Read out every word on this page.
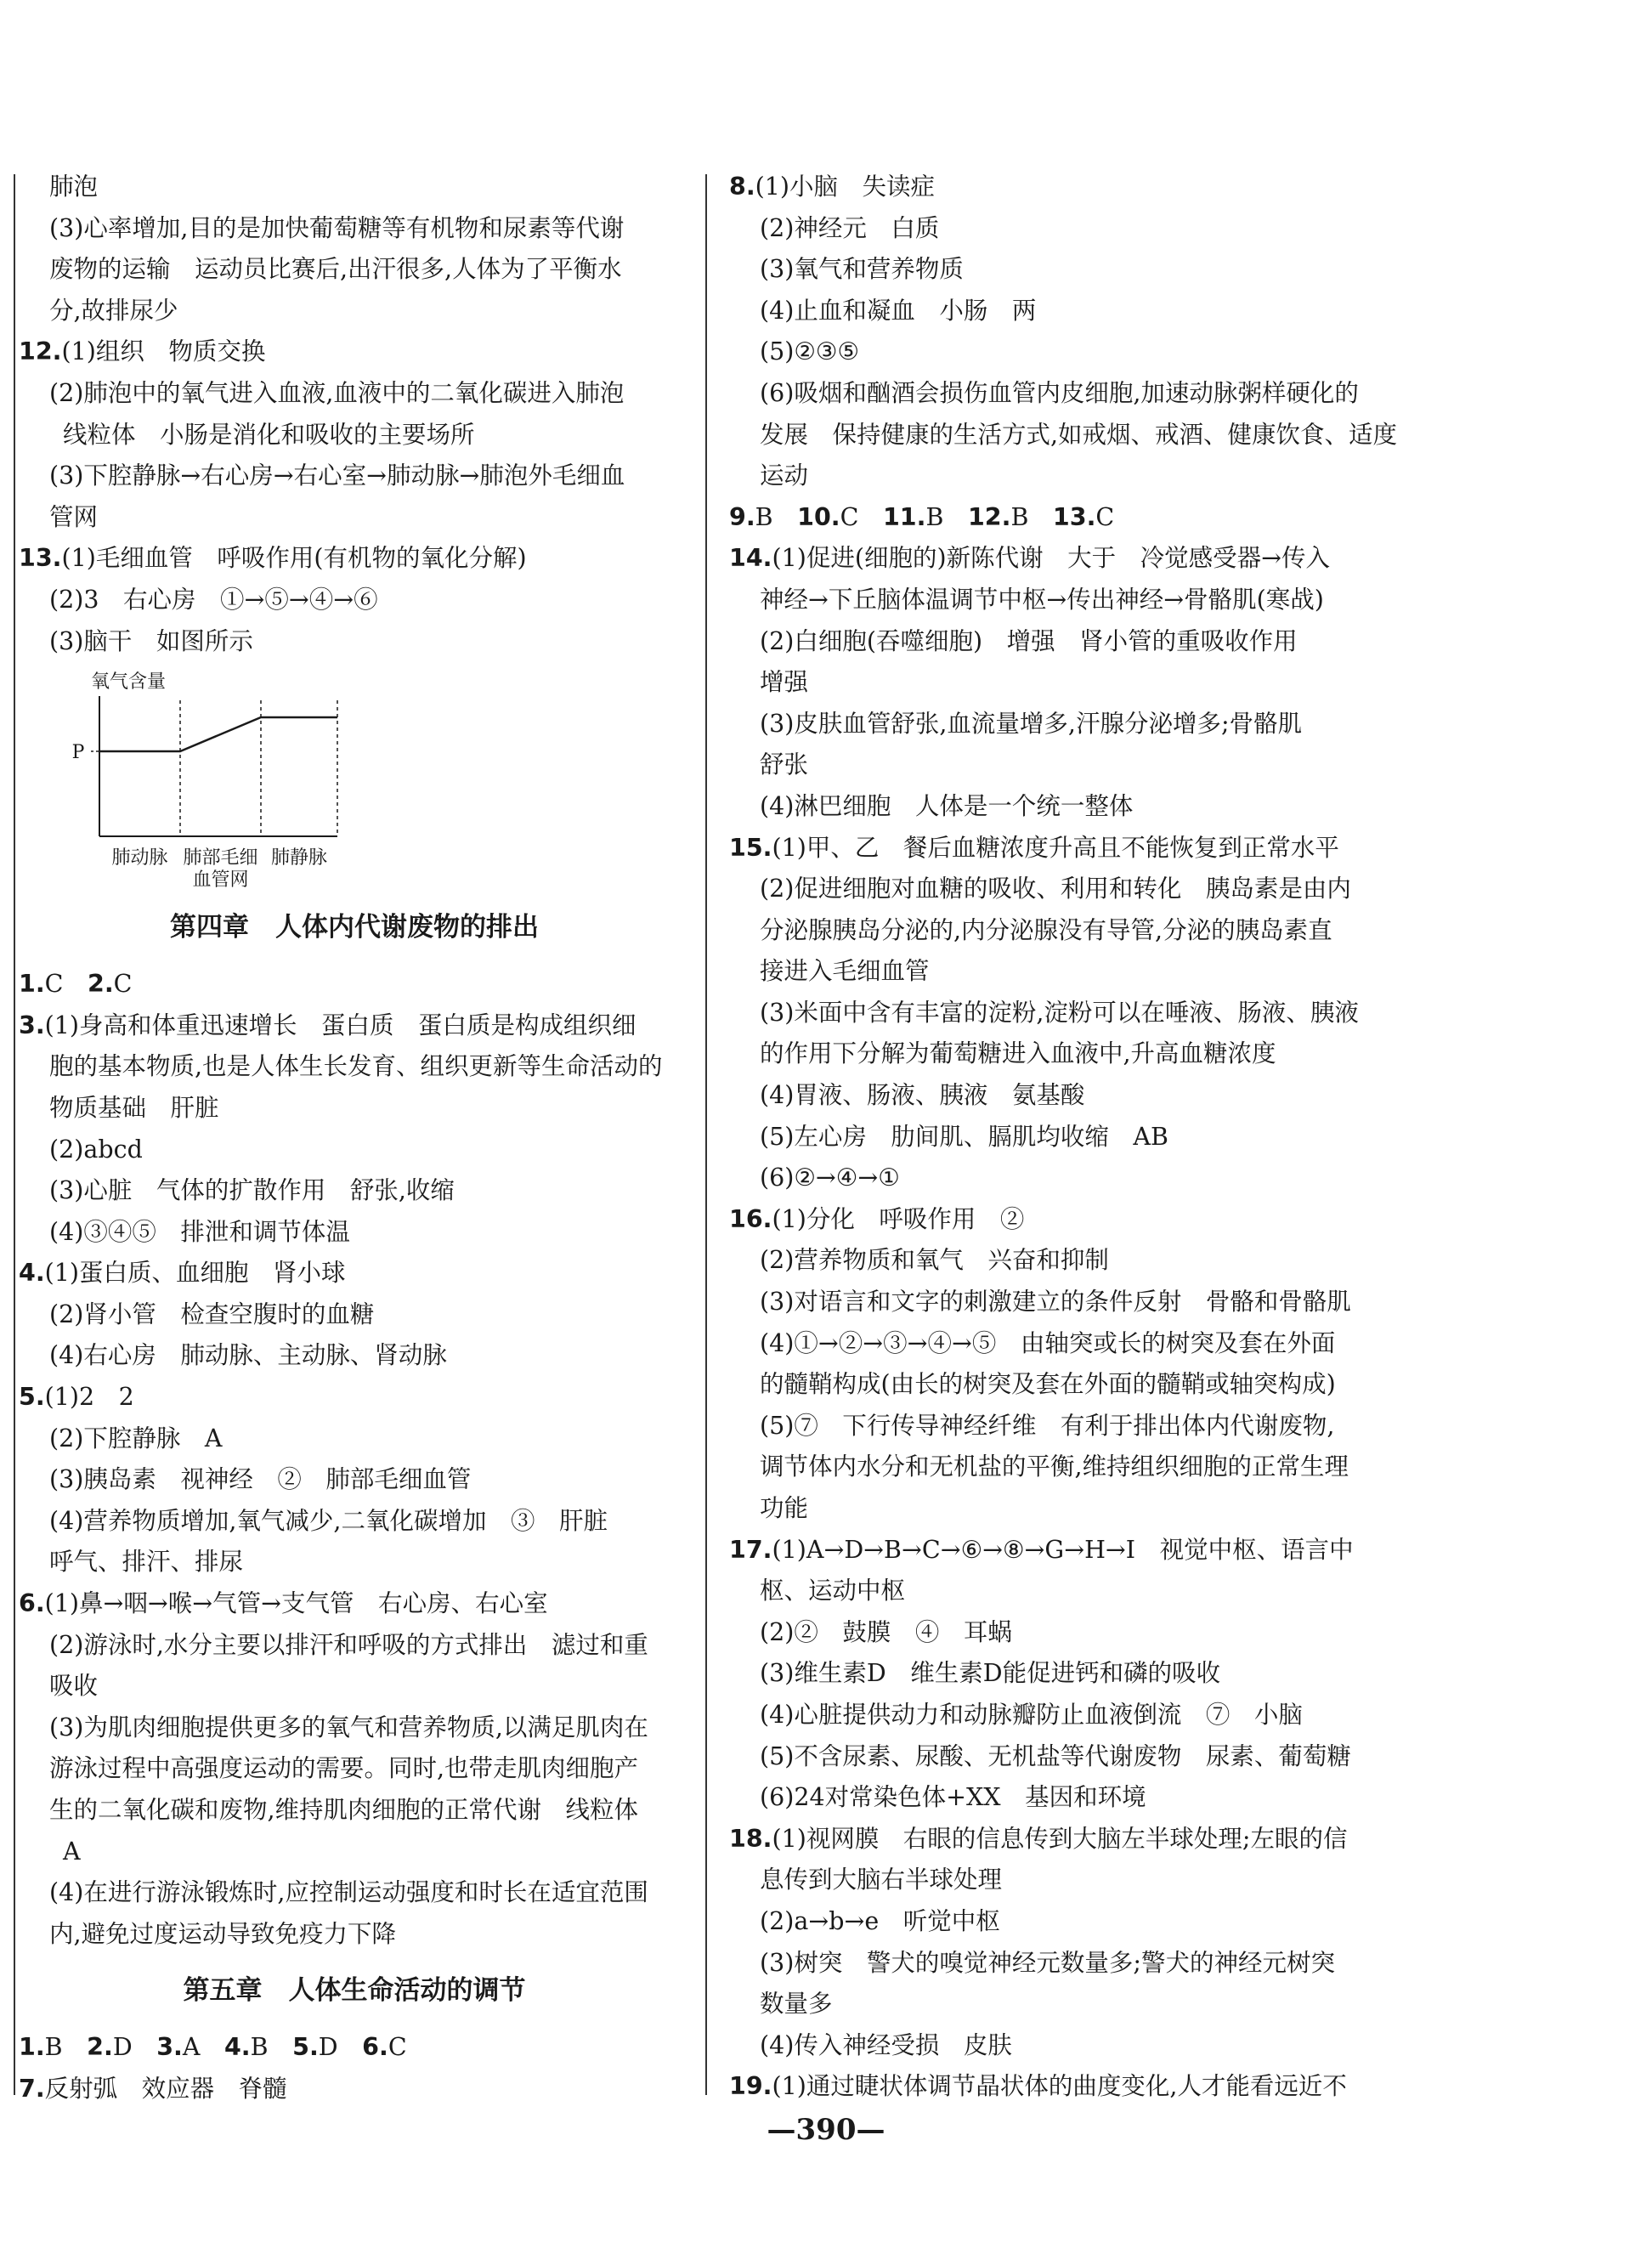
肺泡
(3)心率增加,目的是加快葡萄糖等有机物和尿素等代谢
废物的运输　运动员比赛后,出汗很多,人体为了平衡水
分,故排尿少
12.(1)组织　物质交换
(2)肺泡中的氧气进入血液,血液中的二氧化碳进入肺泡
线粒体　小肠是消化和吸收的主要场所
(3)下腔静脉→右心房→右心室→肺动脉→肺泡外毛细血
管网
13.(1)毛细血管　呼吸作用(有机物的氧化分解)
(2)3　右心房　①→⑤→④→⑥
(3)脑干　如图所示
氧气含量
P
肺动脉 肺部毛细
血管网
肺静脉
第四章　人体内代谢废物的排出
1.C　2.C
3.(1)身高和体重迅速增长　蛋白质　蛋白质是构成组织细
胞的基本物质,也是人体生长发育、组织更新等生命活动的
物质基础　肝脏
(2)abcd
(3)心脏　气体的扩散作用　舒张,收缩
(4)③④⑤　排泄和调节体温
4.(1)蛋白质、血细胞　肾小球
(2)肾小管　检查空腹时的血糖
(4)右心房　肺动脉、主动脉、肾动脉
5.(1)2　2
(2)下腔静脉　A
(3)胰岛素　视神经　②　肺部毛细血管
(4)营养物质增加,氧气减少,二氧化碳增加　③　肝脏
呼气、排汗、排尿
6.(1)鼻→咽→喉→气管→支气管　右心房、右心室
(2)游泳时,水分主要以排汗和呼吸的方式排出　滤过和重
吸收
(3)为肌肉细胞提供更多的氧气和营养物质,以满足肌肉在
游泳过程中高强度运动的需要。同时,也带走肌肉细胞产
生的二氧化碳和废物,维持肌肉细胞的正常代谢　线粒体
A
(4)在进行游泳锻炼时,应控制运动强度和时长在适宜范围
内,避免过度运动导致免疫力下降
第五章　人体生命活动的调节
1.B　 2.D　 3.A　 4.B　 5.D　 6.C
7.反射弧　效应器　脊髓
8.(1)小脑　失读症
(2)神经元　白质
(3)氧气和营养物质
(4)止血和凝血　小肠　两
(5)②③⑤
(6)吸烟和酗酒会损伤血管内皮细胞,加速动脉粥样硬化的
发展　保持健康的生活方式,如戒烟、戒酒、健康饮食、适度
运动
9.B　 10.C　 11.B　 12.B　 13.C
14.(1)促进(细胞的)新陈代谢　大于　冷觉感受器→传入
神经→下丘脑体温调节中枢→传出神经→骨骼肌(寒战)
(2)白细胞(吞噬细胞)　增强　肾小管的重吸收作用
增强
(3)皮肤血管舒张,血流量增多,汗腺分泌增多;骨骼肌
舒张
(4)淋巴细胞　人体是一个统一整体
15.(1)甲、乙　餐后血糖浓度升高且不能恢复到正常水平
(2)促进细胞对血糖的吸收、利用和转化　胰岛素是由内
分泌腺胰岛分泌的,内分泌腺没有导管,分泌的胰岛素直
接进入毛细血管
(3)米面中含有丰富的淀粉,淀粉可以在唾液、肠液、胰液
的作用下分解为葡萄糖进入血液中,升高血糖浓度
(4)胃液、肠液、胰液　氨基酸
(5)左心房　肋间肌、膈肌均收缩　AB
(6)②→④→①
16.(1)分化　呼吸作用　②
(2)营养物质和氧气　兴奋和抑制
(3)对语言和文字的刺激建立的条件反射　骨骼和骨骼肌
(4)①→②→③→④→⑤　由轴突或长的树突及套在外面
的髓鞘构成(由长的树突及套在外面的髓鞘或轴突构成)
(5)⑦　下行传导神经纤维　有利于排出体内代谢废物,
调节体内水分和无机盐的平衡,维持组织细胞的正常生理
功能
17.(1)A→D→B→C→⑥→⑧→G→H→I　视觉中枢、语言中
枢、运动中枢
(2)②　鼓膜　④　耳蜗
(3)维生素D　维生素D能促进钙和磷的吸收
(4)心脏提供动力和动脉瓣防止血液倒流　⑦　小脑
(5)不含尿素、尿酸、无机盐等代谢废物　尿素、葡萄糖
(6)24对常染色体+XX　基因和环境
18.(1)视网膜　右眼的信息传到大脑左半球处理;左眼的信
息传到大脑右半球处理
(2)a→b→e　听觉中枢
(3)树突　警犬的嗅觉神经元数量多;警犬的神经元树突
数量多
(4)传入神经受损　皮肤
19.(1)通过睫状体调节晶状体的曲度变化,人才能看远近不
—390—
